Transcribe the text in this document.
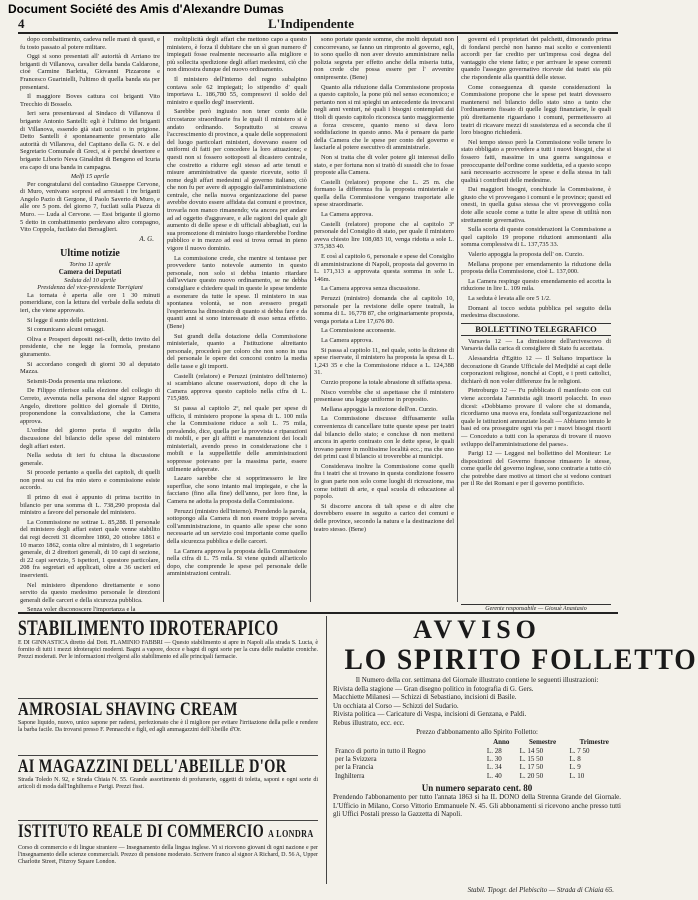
Document Société des Amis d'Alexandre Dumas
4	L'Indipendente

dopo combattimento, cadeva nelle mani di questi, e fu tosto passato al potere militare.

Oggi si sono presentati all' autorità di Arriano tre briganti di Villanova, cavalier della banda Caldarone, cioè Carmine Barletta, Giovanni Pizzarone e Francesco Guarinielli, l'ultimo di quella banda sta per presentarsi.

Il maggiore Boves cattura coi briganti Vito Trecchio di Bosselo.

Ieri sera presentavasi al Sindaco di Villanova il brigante Antonio Santelli: egli è l'ultimo dei briganti di Villanova, essendo già stati uccisi o in prigione. Detto Santelli è spontaneamente presentato alle autorità di Villanova, del Capitano della G. N. e del Segretario Comunale di Greci, si è perché desertore e brigante Liborio Neva Ginaldini di Bengeno ed Icuria era capo di una banda in campagna.

Melfi 15 aprile

Per congratularsi del contadino Giuseppe Cervone, di Muro, venivano sorpresi ed arrestati i tre briganti Angelo Pazio di Gergone, il Paolo Saverio di Muro, e alle ore 5 pom. del giorno 7, fucilati sulla Piazza di Muro. — Luda al Cervone. — Essi brigante il giorno 5 detto in combattimento perdevano altro compagno, Vito Coppola, fucilato dai Bersaglieri.

A. G.
Ultime notizie
Torino 11 aprile
Camera dei Deputati
Seduta del 10 aprile
Presidenza del vice-presidente Torrigiani

La tornata è aperta alle ore 1 30 minuti pomeridiane, con la lettura del verbale della seduta di ieri, che viene approvato.

Si legge il sunto delle petizioni.

Si comunicano alcuni omaggi.

Oliva e Prosperi depositi nei-celli, detto invito del presidente, che ne legge la formola, prestano giuramento.

Si accordano congedi di giorni 30 al deputato Mazza.

Seismit-Doda presenta una relazione.

De Filippo riferisce sulla elezione del collegio di Cerreto, avvenuta nella persona del signor Rapponi Angelo, direttore politico del giornale il Diritto, proponendone la convalidazione, che la Camera approva.

L'ordine del giorno porta il seguito della discussione del bilancio delle spese del ministero degli affari esteri.

Nella seduta di ieri fu chiusa la discussione generale.

Si procede pertanto a quella dei capitoli, di quelli non presi su cui fra mio stero e commissione esiste accordo.

Il primo di essi è appunto di prima iscritto in bilancio per una somma di L. 738,290 proposta dal ministro a favore del personale del ministero.

La Commissione ne sottrae L. 85,288. Il personale del ministero degli affari esteri quale venne stabilito dai regi decreti 31 dicembre 1860, 20 ottobre 1861 e 10 marzo 1862, conta oltre al ministro, di 1 segretario generale, di 2 direttori generali, di 10 capi di sezione, di 22 capi servizio, 5 ispettori, 1 questore particolare, 208 fra segretari ed applicati, oltre a 36 uscieri ed inservienti.

Nel ministero dipendono direttamente e sono servito da questo medesimo personale le direzioni generali delle carceri e della sicurezza pubblica.

Senza voler disconoscere l'importanza e la

moltiplicità degli affari che mettono capo a questo ministero, è forza il dubitare che un sì gran numero d' impiegati fosse realmente necessario alla migliore e più sollecita spedizione degli affari medesimi, ciò che non dimostra dunque del nuovo ordinamento.

Il ministero dell'interno del regno subalpino contava sole 62 impiegati; lo stipendio d' quali importava L. 186,780 55, compresovi il soldo del ministro e quello degl' inservienti.

Sarebbe però ingiusto non tener conto delle circostanze straordinarie fra le quali il ministero si è andato ordinando. Soprattutto si creava l'accrescimento di province, a quale delle soppressioni del luogo particolari ministeri, dovevano essere od uniformi di fatti per concedere la loro attuazione; e questi non si fossero sottoposti al dicastero centrale, che costretto a ridurre egli stesso ad arte tenuti e misure amministrative da queste ricevute, sotto il nome degli affari medesimi al governo italiano, ciò che non fu per avere di appoggio dall'amministrazione centrale, che nella nuova organizzazione del paese avrebbe dovuto essere affidata dai comuni e province, trovarla non manco rimanendo; via ancora per andare ad ad oggetto d'aggravare, e alle ragioni del quale gli aumento di delle spese e di ufficiali abbagliati, cui la sua promozione di ministro luogo ritarderebbe l'ordine pubblico e in mezzo ad essi si trova ormai in pieno vigore il nuovo dominio.

La commissione crede, che mentre si tentasse per provvedere tanto notevole aumento in questo personale, non solo si debba intanto ritardare dall'avviare questo nuovo ordinamento, se ne debba consigliare e chiedere quali in queste le spese tendente a esonerare da tutte le spese. Il ministero in sua spontanea volontà, se non avessero pregati l'esperienza ha dimostrato di quanto si debba fare e da quanti anni si sono interessate di esso senza effetto. (Bene)

Sui grandi della dotazione della Commissione ministeriale, quanto a l'istituzione altrettanto personale, procederà per coloro che non sono in una del personale le opere dei concorsi contro la media delle tasse e gli importi.

Castelli (relatore) e Peruzzi (ministro dell'interno) si scambiano alcune osservazioni, dopo di che la Camera approva questo capitolo nella cifra di L. 715,989.

Si passa al capitolo 2º, nel quale per spese di ufficio, il ministero propone la spesa di L. 100 mila che la Commissione riduce a soli L. 75 mila, prevalendo, dice, quella per la provvista e riparazioni di mobili, e per gli affitti e manutenzioni dei locali ministeriali, avendo preso in considerazione che i mobili e la suppellettile delle amministrazioni soppresse potevano per la massima parte, essere utilmente adoperate.

Lazaro sarebbe che si sopprimessero le lire superflue, che sono intanto mal impiegate, e che la facciano (fino alla fine) dell'anno, per loro fine, la Camera ne adotta la proposta della Commissione.

Peruzzi (ministro dell'interno). Prendendo la parola, sottopongo alla Camera di non essere troppo severa coll'amministrazione, in quanto alle spese che sono necessarie ad un servizio così importante come quello della sicurezza pubblica e delle carceri.

La Camera approva la proposta della Commissione nella cifra di L. 75 mila. Si viene quindi all'articolo dopo, che comprende le spese pel personale delle amministrazioni centrali.

sono portate queste somme, che molti deputati non concorrevano, se fanno un rimpronto al governo, egli, io sono quello di non aver dovuto amministrare nella polizia segreta per effetto anche della miseria tutta, non crede che possa essere per l' avvenire onnipresente. (Bene)

Quanto alla riduzione dalla Commissione proposta a questo capitolo, la pone più nel senso economico; e pertanto non si mi spieghi un antecedente da invocarsi negli anni venturi, né quali i bisogni contemplati dai titoli di questo capitolo riconosca tanto maggiormente a forza crescere, quanto meno si dava loro soddisfazione in questo anno. Ma è pensare da parte della Camera che le spese per conto del governo e lasciarle al potere esecutivo di amministrarle.

Non si tratta che di voler potere gli interessi dello stato, e per fortuna non si trattò di sussidi che io fosse proposte alla Camera.

Castelli (relatore) propone che L. 25 m. che formano la differenza fra la proposta ministeriale e quella della Commissione vengano trasportate alle spese straordinarie.

La Camera approva.

Castelli (relatore) propone che al capitolo 3º personale del Consiglio di stato, per quale il ministero aveva chiesto lire 108,083 10, venga ridotta a sole L. 375,383 40.

E così al capitolo 6, personale e spese del Consiglio di amministrazione di Napoli, proposta dal governo in L. 171,313 a approvata questa somma in sole L. 146m.

La Camera approva senza discussione.

Peruzzi (ministro) domanda che al capitolo 10, personale per la revisione delle opere teatrali, la somma di L. 16,778 87, che originariamente proposta, venga portata a Lire 17,676 80.

La Commissione acconsente.

La Camera approva.

Si passa al capitolo 11, nel quale, sotto la dizione di spese riservate, il ministero ha proposta la spesa di L. 1,243 35 e che la Commissione riduce a L. 124,388 31.

Curzio propone la totale abrasione di siffatta spesa.

Nisco vorrebbe che si aspettasse che il ministero presentasse una legge uniforme in proposito.

Mellana appoggia la mozione dell'on. Curzio.

La Commissione discusse diffusamente sulla convenienza di cancellare tutte queste spese per teatri dal bilancio dello stato; e concluse di non mettersi ancora in aperto contrasto con le dette spese, le quali trovano parere in moltissime località ecc.; ma che uno dei primi casi il bilancio si troverebbe ai municipi.

Considerava inoltre la Commissione come quelli fra i teatri che si trovano in questa condizione fossero lo gran parte non solo come luoghi di ricreazione, ma come istituti di arte, e qual scuola di educazione al popolo.

Si discorre ancora di tali spese e di altre che dovrebbero essere in seguito a carico dei comuni e delle province, secondo la natura e la destinazione del teatro stesso. (Bene)

governi ed i proprietari dei palchetti, dimorando prima di fondarsi perchè non hanno mai scelto e convenienti accordi per far credito per un'impresa così degna del vantaggio che viene fatto; e per arrivare le spese correnti quando l'assegno governativo ricevute dai teatri sia più che rispondente alla quantità delle stesse.

Come conseguenza di queste considerazioni la Commissione propone che le spese pei teatri dovessero mantenersi nel bilancio dello stato sino a tanto che l'ordinamento fissato di quelle leggi finanziarie, le quali più direttamente riguardano i comuni, permettessero ai teatri di ricavare mezzi di sussistenza ed a seconda che il loro bisogno richiederà.

Nel tempo stesso però la Commissione volle tenere lo stato obbligato a provvedere a tutti i nuovi bisogni, che si fossero fatti, massime in una guerra sanguinosa e preoccupante dell'ordine come suddetta, ed a questo scopo sarà necessario accrescere le spese e della stessa in tali qualità i contributi delle medesime.

Dai maggiori bisogni, conchiude la Commissione, è giusto che vi provvegano i comuni e le province; questi ed onesti, in quella guisa stessa che vi provveggono colla dote alle scuole come a tutte le altre spese di utilità non strettamente governativa.

Sulla scorta di queste considerazioni la Commissione a quel capitolo 19 propone riduzioni ammontanti alla somma complessiva di L. 137,735 33.

Valerio appoggia la proposta dell' on. Curzio.

Mellana propone per emendamento la riduzione della proposta della Commissione, cioè L. 137,000.

La Camera respinge questo emendamento ed accetta la riduzione in lire L. 109 mila.

La seduta è levata alle ore 5 1/2.

Domani al tocco seduta pubblica pel seguito della medesima discussione.

BOLLETTINO TELEGRAFICO

Varsavia 12 — La dimissione dell'arcivescovo di Varsavia dalla carica di consigliere di Stato fu accettata.

Alessandria d'Egitto 12 — Il Sultano impartisce la decorazione di Grande Ufficiale del Medjidié ai capi delle corporazioni religiose, nonché ai Copti, e i preti cattolici, dichiarò di non voler differenze fra le religioni.

Pietroburgo 12 — Fu pubblicato il manifesto con cui viene accordata l'amnistia agli insorti polacchi. In esso dicesi: «Dobbiamo provare il valore che si domanda, ricordiamo una nuova era, fondata sull'organizzazione nel quale le istituzioni annunziate locali — Abbiamo tenuto le basi ed ora proseguire ogni via per i nuovi bisogni risorti — Conceduto a tutti con la speranza di trovare il nuovo sviluppo dell'amministrazione del paese».

Parigi 12 — Leggesi nel bollettino del Moniteur: Le disposizioni del Governo francese rimasero le stesse, come quelle del governo inglese, sono contrarie a tutto ciò che potrebbe dare motivo ai timori che si vedono contrari per il Re dei Romani e per il governo pontificio.

Gerente responsabile — Giosuè Anastasio
STABILIMENTO IDROTERAPICO
E DI GINNASTICA diretto dal Dott. FLAMINIO FABBRI — Questo stabilimento si apre in Napoli alla strada S. Lucia, è fornito di tutti i mezzi idroterapici moderni. Bagni a vapore, docce e bagni di ogni sorte per la cura delle malattie croniche. Prezzi moderati. Per le informazioni rivolgersi allo stabilimento ed alle principali farmacie.
AMROSIAL SHAVING CREAM
Sapone liquido, nuovo, unico sapone per radersi, perfezionato che è il migliore per evitare l'irritazione della pelle e rendere la barba facile. Da trovarsi presso F. Pennacchi e figli, ed agli ammagazzini dell'Abeille d'Or.
AI MAGAZZINI DELL'ABEILLE D'OR
Strada Toledo N. 92, e Strada Chiaia N. 55. Grande assortimento di profumerie, oggetti di toletta, saponi e ogni sorte di articoli di moda dall'Inghilterra e Parigi. Prezzi fissi.
ISTITUTO REALE DI COMMERCIO A LONDRA
Corso di commercio e di lingue straniere — Insegnamento della lingua inglese. Vi si ricevono giovani di ogni nazione e per l'insegnamento delle scienze commerciali. Prezzo di pensione moderato. Scrivere franco al signor A Richard, D. 56 A, Upper Charlotte Street, Fitzroy Square London.
AVVISO
LO SPIRITO FOLLETTO
Il Numero della cor. settimana del Giornale illustrato contiene le seguenti illustrazioni:
Rivista della stagione — Gran disegno politico in fotografia di G. Gers.
Macchiette Milanesi — Schizzi di Sebastiano, incisioni di Basile.
Un occhiata al Corso — Schizzi del Sudario.
Rivista politica — Caricature di Vespa, incisioni di Genzana, e Paldi.
Rebus illustrato, ecc. ecc.
Prezzo d'abbonamento allo Spirito Folletto:
	Anno	Semestre	Trimestre
Franco di porto in tutto il Regno	L. 28	L. 14 50	L. 7 50
per la Svizzera	L. 30	L. 15 50	L. 8
per la Francia	L. 34	L. 17 50	L. 9
Inghilterra	L. 40	L. 20 50	L. 10
Un numero separato cent. 80
Prendendo l'abbonamento per tutto l'annata 1863 si ha IL DONO della Strenna Grande del Giornale. L'Ufficio in Milano, Corso Vittorio Emmanuele N. 45. Gli abbonamenti si ricevono anche presso tutti gli Uffici Postali presso la Gazzetta di Napoli.
Stabil. Tipogr. del Plebiscito — Strada di Chiaia 65.
